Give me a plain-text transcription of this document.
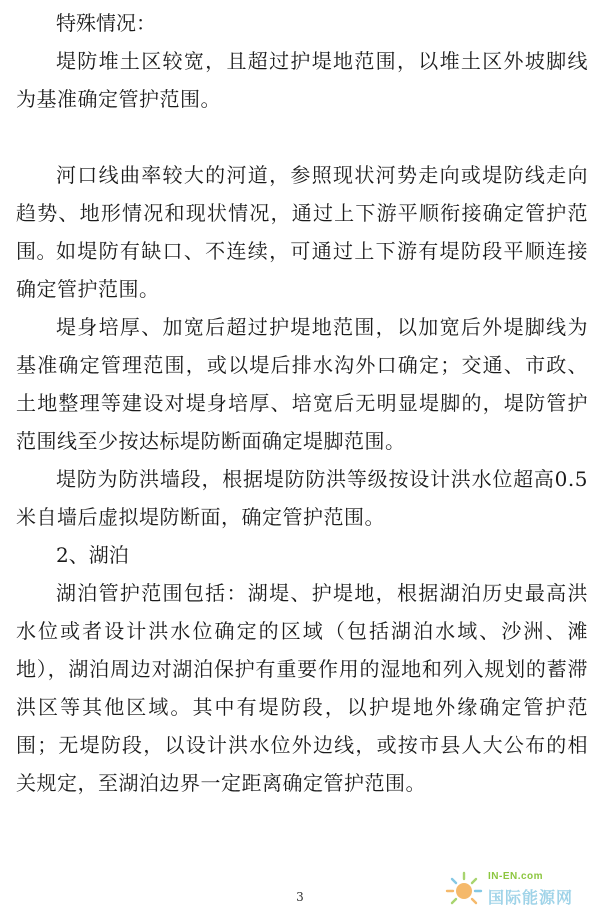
特殊情况：

堤防堆土区较宽，且超过护堤地范围，以堆土区外坡脚线为基准确定管护范围。

河口线曲率较大的河道，参照现状河势走向或堤防线走向趋势、地形情况和现状情况，通过上下游平顺衔接确定管护范围。 如堤防有缺口、不连续，可通过上下游有堤防段平顺连接确定管护范围。

堤身培厚、加宽后超过护堤地范围，以加宽后外堤脚线为基准确定管理范围，或以堤后排水沟外口确定；交通、市政、土地整理等建设对堤身培厚、培宽后无明显堤脚的，堤防管护范围线至少按达标堤防断面确定堤脚范围。

堤防为防洪墙段，根据堤防防洪等级按设计洪水位超高0.5米自墙后虚拟堤防断面，确定管护范围。

2、湖泊

湖泊管护范围包括：湖堤、护堤地，根据湖泊历史最高洪水位或者设计洪水位确定的区域（包括湖泊水域、沙洲、滩地），湖泊周边对湖泊保护有重要作用的湿地和列入规划的蓄滞洪区等其他区域。其中有堤防段，以护堤地外缘确定管护范围；无堤防段，以设计洪水位外边线，或按市县人大公布的相关规定，至湖泊边界一定距离确定管护范围。

3
IN-EN.com
国际能源网
